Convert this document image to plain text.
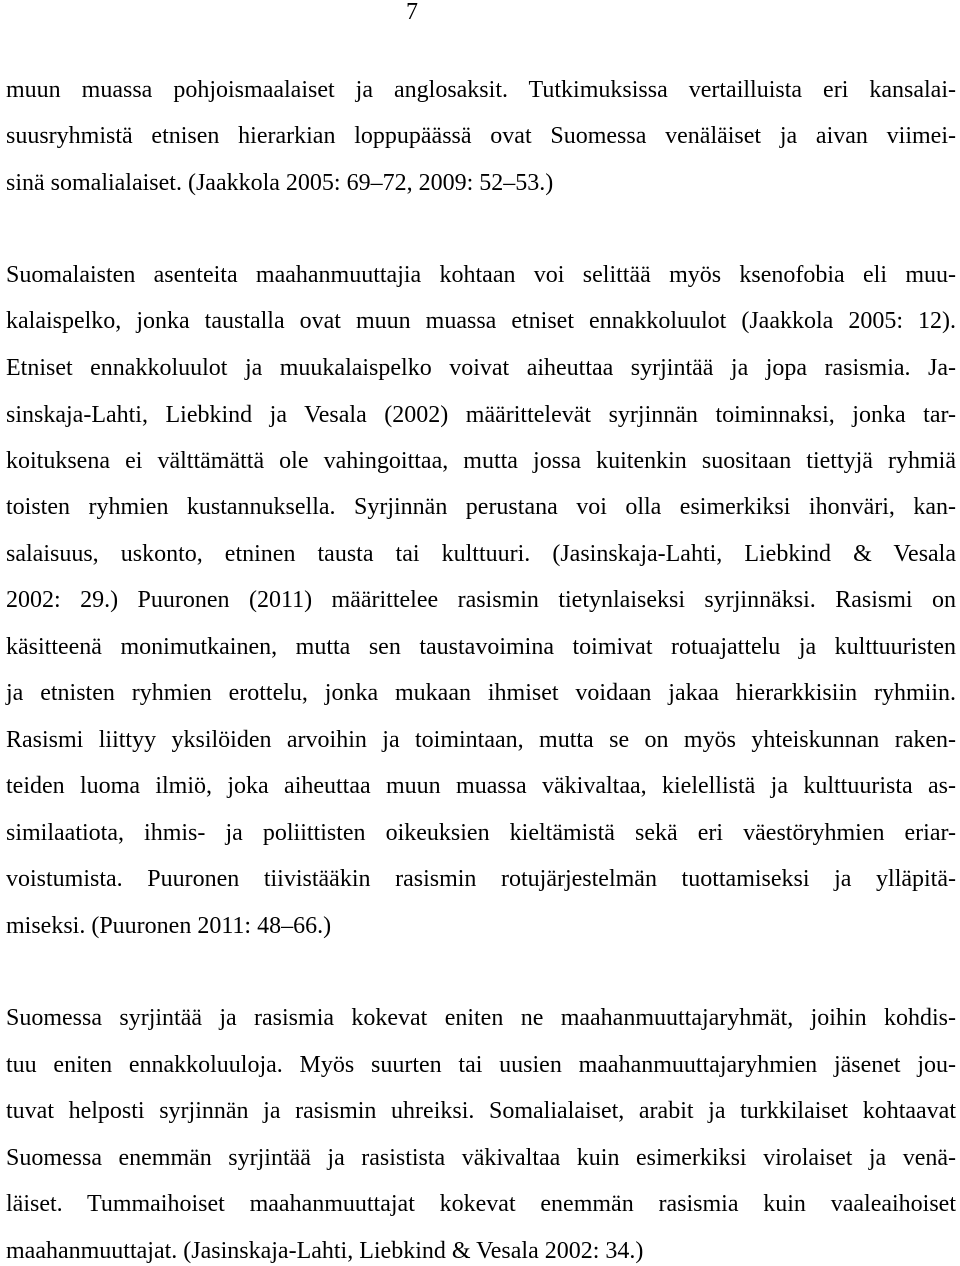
7
muun muassa pohjoismaalaiset ja anglosaksit. Tutkimuksissa vertailluista eri kansalai-
suusryhmistä etnisen hierarkian loppupäässä ovat Suomessa venäläiset ja aivan viimei-
sinä somalialaiset. (Jaakkola 2005: 69–72, 2009: 52–53.)
Suomalaisten asenteita maahanmuuttajia kohtaan voi selittää myös ksenofobia eli muu-
kalaispelko, jonka taustalla ovat muun muassa etniset ennakkoluulot (Jaakkola 2005: 12).
Etniset ennakkoluulot ja muukalaispelko voivat aiheuttaa syrjintää ja jopa rasismia. Ja-
sinskaja-Lahti, Liebkind ja Vesala (2002) määrittelevät syrjinnän toiminnaksi, jonka tar-
koituksena ei välttämättä ole vahingoittaa, mutta jossa kuitenkin suositaan tiettyjä ryhmiä
toisten ryhmien kustannuksella. Syrjinnän perustana voi olla esimerkiksi ihonväri, kan-
salaisuus, uskonto, etninen tausta tai kulttuuri. (Jasinskaja-Lahti, Liebkind & Vesala
2002: 29.) Puuronen (2011) määrittelee rasismin tietynlaiseksi syrjinnäksi. Rasismi on
käsitteenä monimutkainen, mutta sen taustavoimina toimivat rotuajattelu ja kulttuuristen
ja etnisten ryhmien erottelu, jonka mukaan ihmiset voidaan jakaa hierarkkisiin ryhmiin.
Rasismi liittyy yksilöiden arvoihin ja toimintaan, mutta se on myös yhteiskunnan raken-
teiden luoma ilmiö, joka aiheuttaa muun muassa väkivaltaa, kielellistä ja kulttuurista as-
similaatiota, ihmis- ja poliittisten oikeuksien kieltämistä sekä eri väestöryhmien eriar-
voistumista. Puuronen tiivistääkin rasismin rotujärjestelmän tuottamiseksi ja ylläpitä-
miseksi. (Puuronen 2011: 48–66.)
Suomessa syrjintää ja rasismia kokevat eniten ne maahanmuuttajaryhmät, joihin kohdis-
tuu eniten ennakkoluuloja. Myös suurten tai uusien maahanmuuttajaryhmien jäsenet jou-
tuvat helposti syrjinnän ja rasismin uhreiksi. Somalialaiset, arabit ja turkkilaiset kohtaavat
Suomessa enemmän syrjintää ja rasistista väkivaltaa kuin esimerkiksi virolaiset ja venä-
läiset. Tummaihoiset maahanmuuttajat kokevat enemmän rasismia kuin vaaleaihoiset
maahanmuuttajat. (Jasinskaja-Lahti, Liebkind & Vesala 2002: 34.)
